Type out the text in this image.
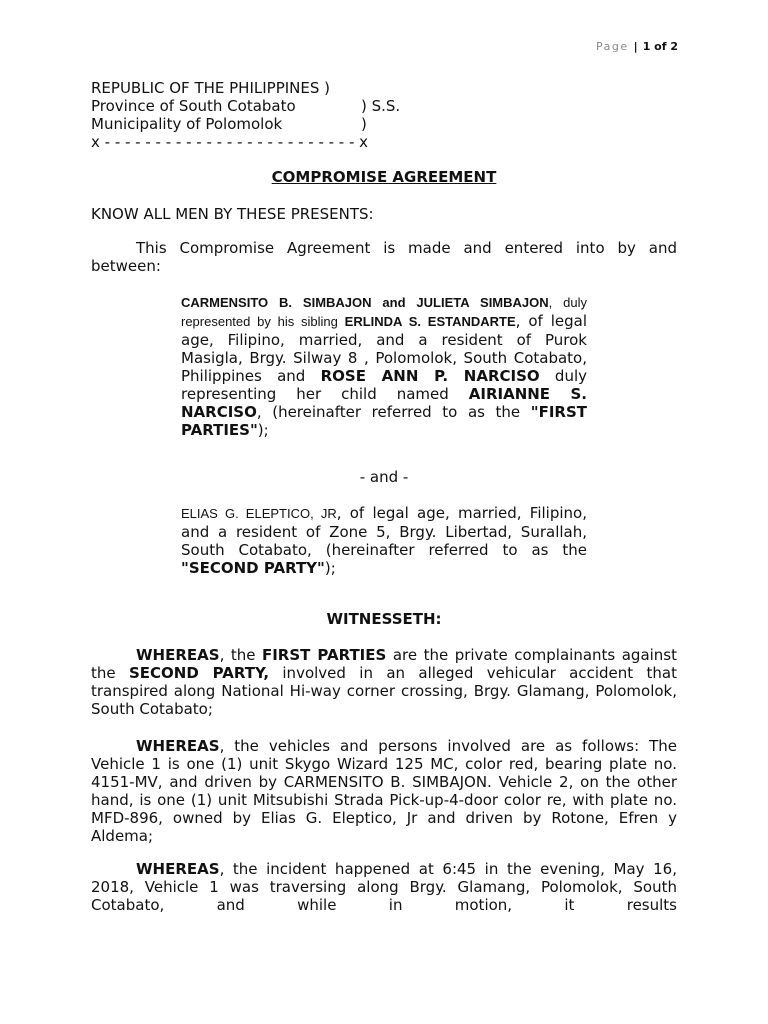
Page | 1 of 2
REPUBLIC OF THE PHILIPPINES )
Province of South Cotabato	) S.S.
Municipality of Polomolok	)
x - - - - - - - - - - - - - - - - - - - - - - - - - x
COMPROMISE AGREEMENT
KNOW ALL MEN BY THESE PRESENTS:
This Compromise Agreement is made and entered into by and between:
CARMENSITO B. SIMBAJON and JULIETA SIMBAJON, duly represented by his sibling ERLINDA S. ESTANDARTE, of legal age, Filipino, married, and a resident of Purok Masigla, Brgy. Silway 8 , Polomolok, South Cotabato, Philippines and ROSE ANN P. NARCISO duly representing her child named AIRIANNE S. NARCISO, (hereinafter referred to as the "FIRST PARTIES");
- and -
ELIAS G. ELEPTICO, JR, of legal age, married, Filipino, and a resident of Zone 5, Brgy. Libertad, Surallah, South Cotabato, (hereinafter referred to as the "SECOND PARTY");
WITNESSETH:
WHEREAS, the FIRST PARTIES are the private complainants against the SECOND PARTY, involved in an alleged vehicular accident that transpired along National Hi-way corner crossing, Brgy. Glamang, Polomolok, South Cotabato;
WHEREAS, the vehicles and persons involved are as follows: The Vehicle 1 is one (1) unit Skygo Wizard 125 MC, color red, bearing plate no. 4151-MV, and driven by CARMENSITO B. SIMBAJON. Vehicle 2, on the other hand, is one (1) unit Mitsubishi Strada Pick-up-4-door color re, with plate no. MFD-896, owned by Elias G. Eleptico, Jr and driven by Rotone, Efren y Aldema;
WHEREAS, the incident happened at 6:45 in the evening, May 16, 2018, Vehicle 1 was traversing along Brgy. Glamang, Polomolok, South Cotabato, and while in motion, it results
